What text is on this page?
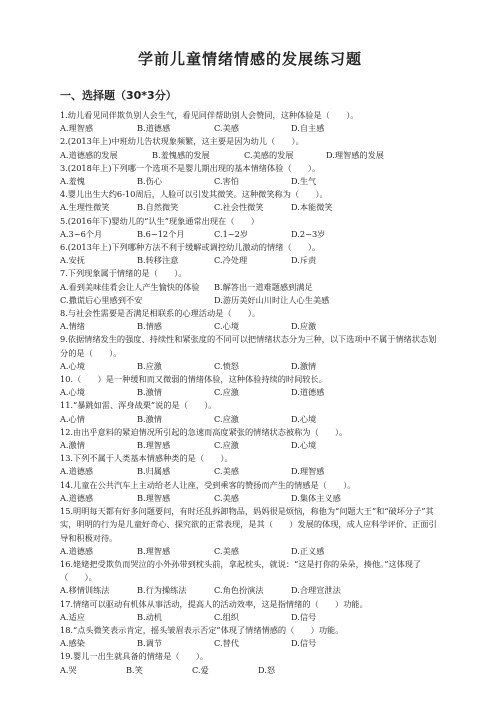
学前儿童情绪情感的发展练习题
一、选择题（30*3分）
1.幼儿看见同伴欺负别人会生气，看见同伴帮助别人会赞同，这种体验是（　　）。
A.理智感	B.道德感	C.美感	D.自主感
2.(2013年上)中班幼儿告状现象频繁，这主要是因为幼儿（　　）。
A.道德感的发展	B.羞愧感的发展	C.美感的发展	D.理智感的发展
3.(2018年上)下列哪一个选项不是婴儿期出现的基本情绪体验（　　）。
A.羞愧	B.伤心	C.害怕	D.生气
4.婴儿出生大约6-10周后，人脸可以引发其微笑。这种微笑称为（　　）。
A.生理性微笑	B.自然微笑	C.社会性微笑	D.本能微笑
5.(2016年下)婴幼儿的“认生”现象通常出现在（　　）
A.3~6个月	B.6~12个月	C.1~2岁	D.2~3岁
6.(2013年上)下列哪种方法不利于缓解或调控幼儿激动的情绪（　　）。
A.安抚	B.转移注意	C.冷处理	D.斥责
7.下列现象属于情绪的是（　　）。
A.看到美味佳肴会让人产生愉快的体验	B.解答出一道难题感到满足
C.撒谎后心里感到不安	D.游历美好山川时让人心生美感
8.与社会性需要是否满足相联系的心理活动是（　　）。
A.情绪	B.情感	C.心境	D.应激
9.依据情绪发生的强度、持续性和紧张度的不同可以把情绪状态分为三种，以下选项中不属于情绪状态划分的是（　　）。
A.心境	B.应激	C.愤怒	D.激情
10.（　　）是一种缓和而又微弱的情绪体验，这种体验持续的时间较长。
A.心境	B.激情	C.应激	D.道德感
11.“暴跳如雷、浑身战栗”说的是（　　）。
A.心情	B.激情	C.应激	D.心境
12.由出乎意料的紧迫情况所引起的急速而高度紧张的情绪状态被称为（　　）。
A.激情	B.理智感	C.应激	D.心境
13.下列不属于人类基本情感种类的是（　　）。
A.道德感	B.归属感	C.美感	D.理智感
14.儿童在公共汽车上主动给老人让座，受到乘客的赞扬而产生的情感是（　　）。
A.道德感	B.理智感	C.美感	D.集体主义感
15.明明每天都有好多问题要问，有时还乱拆卸物品，妈妈很是烦恼，称他为“问题大王”和“破坏分子”其实，明明的行为是儿童好奇心、探究欲的正常表现，是其（　　）发展的体现，成人应科学评价、正面引导和积极对待。
A.道德感	B.理智感	C.美感	D.正义感
16.姥姥把受欺负而哭泣的小外孙带到枕头前，拿起枕头，就说：“这是打你的朵朵，揍他。”这体现了（　　）。
A.移情训练法	B.行为操练法	C.角色扮演法	D.合理宣泄法
17.情绪可以驱动有机体从事活动，提高人的活动效率，这是指情绪的（　　）功能。
A.适应	B.动机	C.组织	D.信号
18.“点头微笑表示肯定，摇头皱眉表示否定”体现了情绪情感的（　　）功能。
A.感染	B.调节	C.替代	D.信号
19.婴儿一出生就具备的情绪是（　　）。
A.哭	B.笑	C.爱	D.怒
